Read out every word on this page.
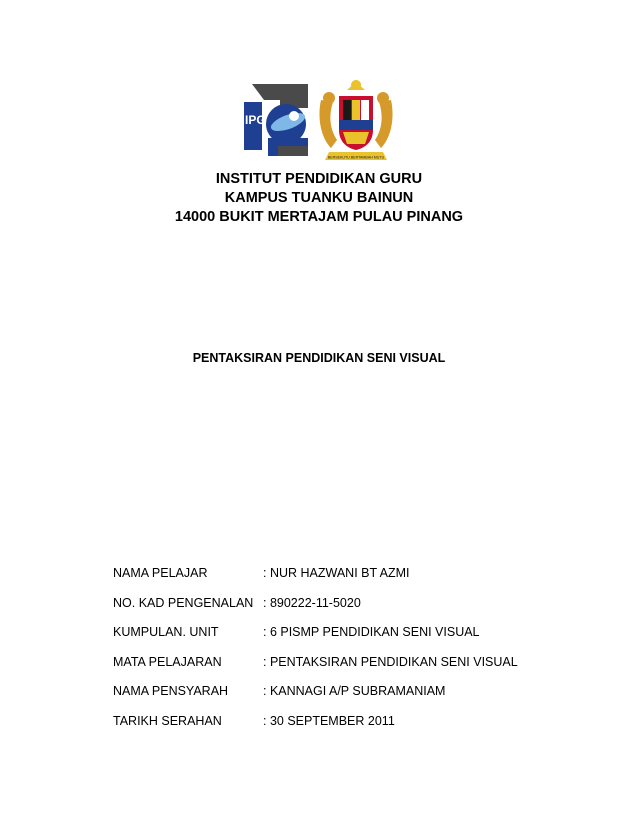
IPG
BERSEKUTU BERTAMBAH MUTU
INSTITUT PENDIDIKAN GURU
KAMPUS TUANKU BAINUN
14000 BUKIT MERTAJAM PULAU PINANG
PENTAKSIRAN PENDIDIKAN SENI VISUAL
NAMA PELAJAR	: NUR HAZWANI BT AZMI
NO. KAD PENGENALAN : 890222-11-5020
KUMPULAN. UNIT	: 6 PISMP PENDIDIKAN SENI VISUAL
MATA PELAJARAN	: PENTAKSIRAN PENDIDIKAN SENI VISUAL
NAMA PENSYARAH	: KANNAGI A/P SUBRAMANIAM
TARIKH SERAHAN	: 30 SEPTEMBER 2011
